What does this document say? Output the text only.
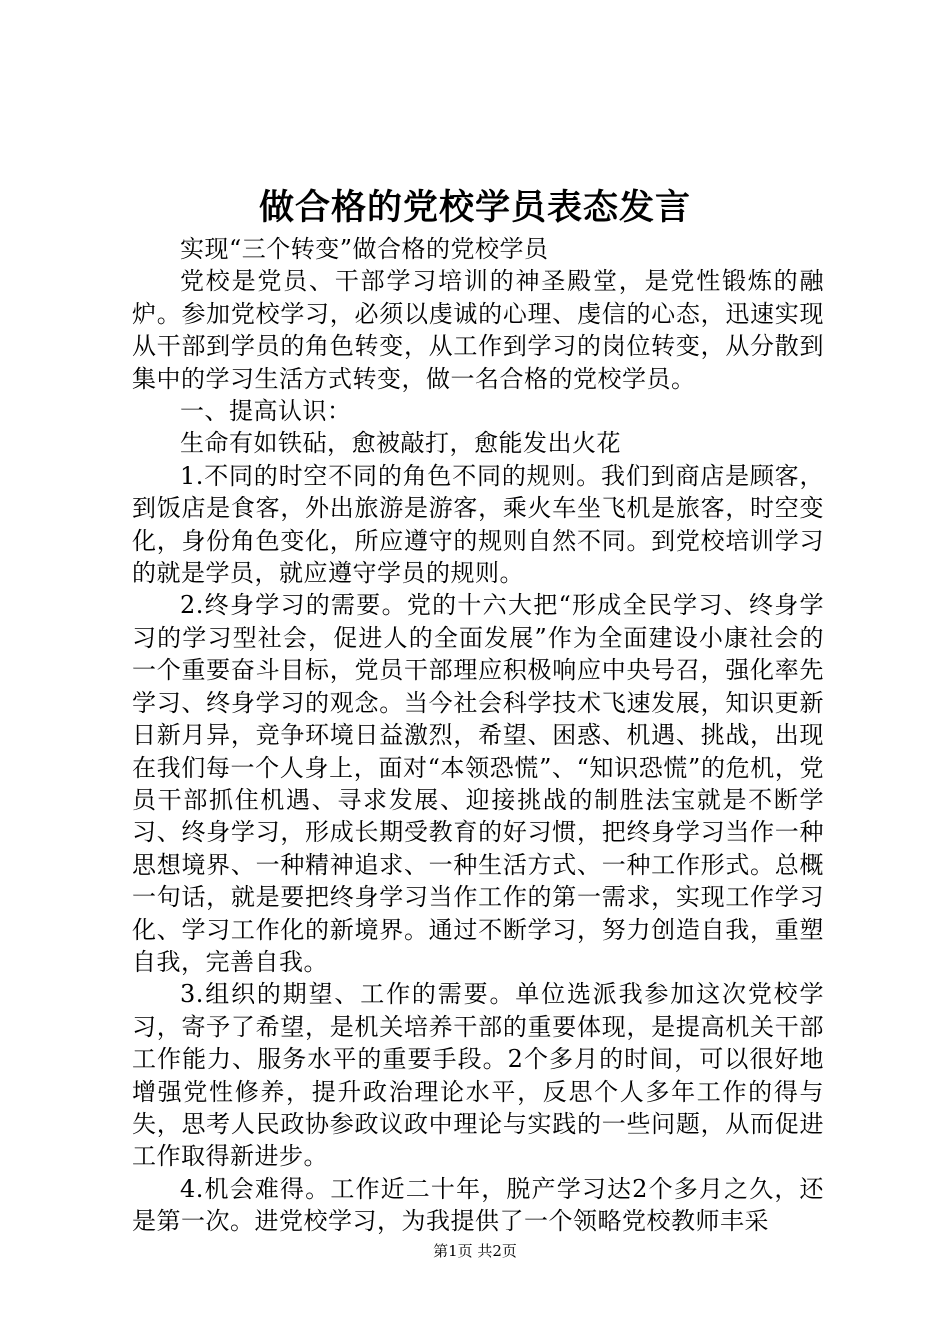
做合格的党校学员表态发言

实现“三个转变”做合格的党校学员

党校是党员、干部学习培训的神圣殿堂，是党性锻炼的融炉。参加党校学习，必须以虔诚的心理、虔信的心态，迅速实现从干部到学员的角色转变，从工作到学习的岗位转变，从分散到集中的学习生活方式转变，做一名合格的党校学员。

一、提高认识：

生命有如铁砧，愈被敲打，愈能发出火花

1.不同的时空不同的角色不同的规则。我们到商店是顾客，到饭店是食客，外出旅游是游客，乘火车坐飞机是旅客，时空变化，身份角色变化，所应遵守的规则自然不同。到党校培训学习的就是学员，就应遵守学员的规则。

2.终身学习的需要。党的十六大把“形成全民学习、终身学习的学习型社会，促进人的全面发展”作为全面建设小康社会的一个重要奋斗目标，党员干部理应积极响应中央号召，强化率先学习、终身学习的观念。当今社会科学技术飞速发展，知识更新日新月异，竞争环境日益激烈，希望、困惑、机遇、挑战，出现在我们每一个人身上，面对“本领恐慌”、“知识恐慌”的危机，党员干部抓住机遇、寻求发展、迎接挑战的制胜法宝就是不断学习、终身学习，形成长期受教育的好习惯，把终身学习当作一种思想境界、一种精神追求、一种生活方式、一种工作形式。总概一句话，就是要把终身学习当作工作的第一需求，实现工作学习化、学习工作化的新境界。通过不断学习，努力创造自我，重塑自我，完善自我。

3.组织的期望、工作的需要。单位选派我参加这次党校学习，寄予了希望，是机关培养干部的重要体现，是提高机关干部工作能力、服务水平的重要手段。2个多月的时间，可以很好地增强党性修养，提升政治理论水平，反思个人多年工作的得与失，思考人民政协参政议政中理论与实践的一些问题，从而促进工作取得新进步。

4.机会难得。工作近二十年，脱产学习达2个多月之久，还是第一次。进党校学习，为我提供了一个领略党校教师丰采

第1页 共2页
